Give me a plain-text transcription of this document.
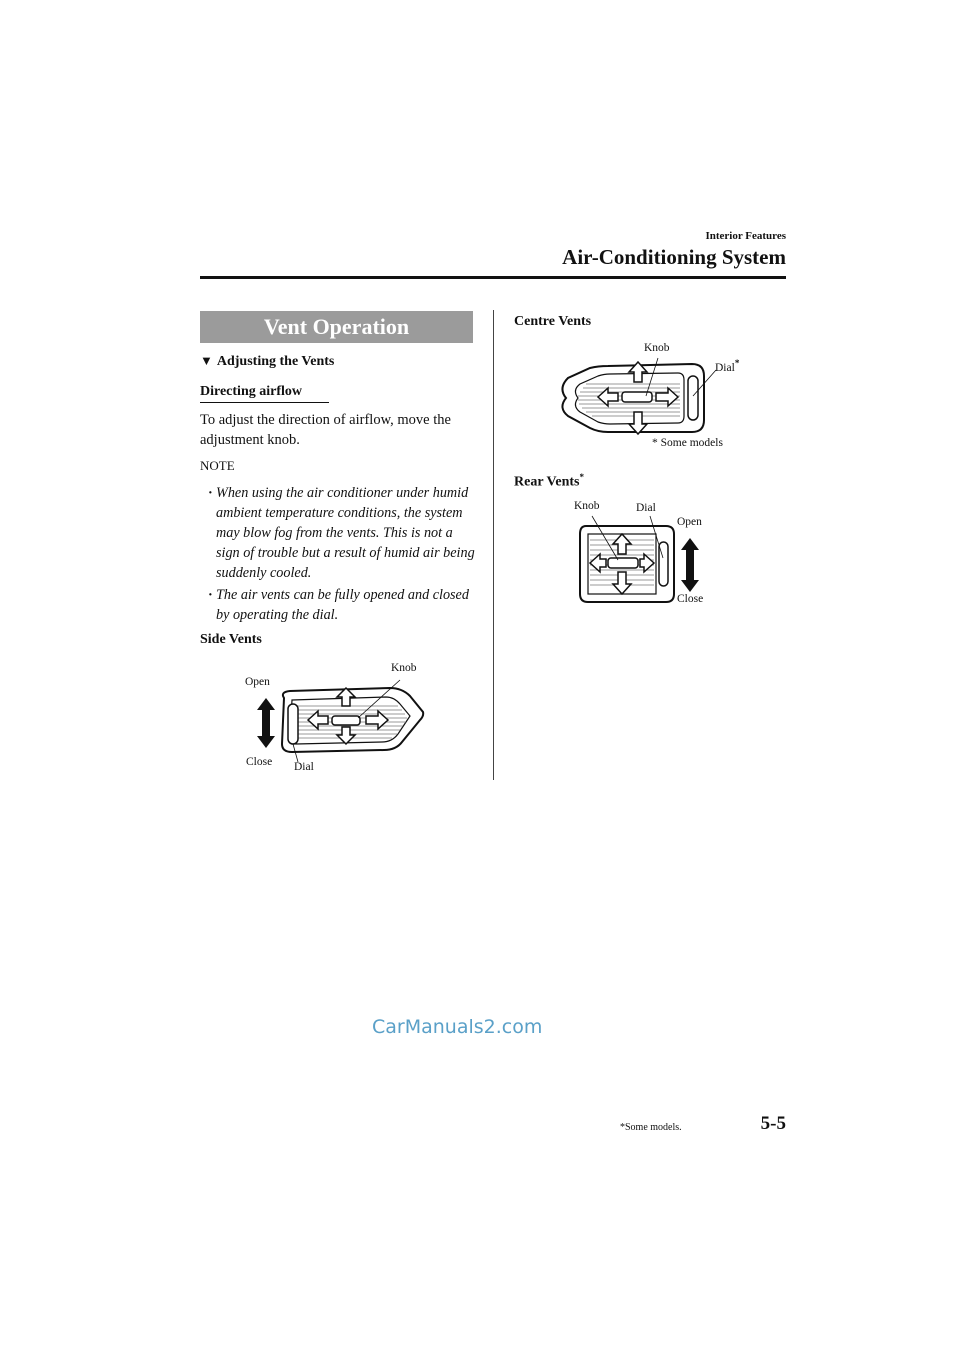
Interior Features
Air-Conditioning System
Vent Operation
▼ Adjusting the Vents
Directing airflow
To adjust the direction of airflow, move the adjustment knob.
NOTE
· When using the air conditioner under humid ambient temperature conditions, the system may blow fog from the vents. This is not a sign of trouble but a result of humid air being suddenly cooled.
· The air vents can be fully opened and closed by operating the dial.
Side Vents
Open
Knob
Close Dial
Centre Vents
Knob
Dial*
* Some models
Rear Vents*
Knob	Dial
Open
Close
CarManuals2.com
*Some models.	5-5
